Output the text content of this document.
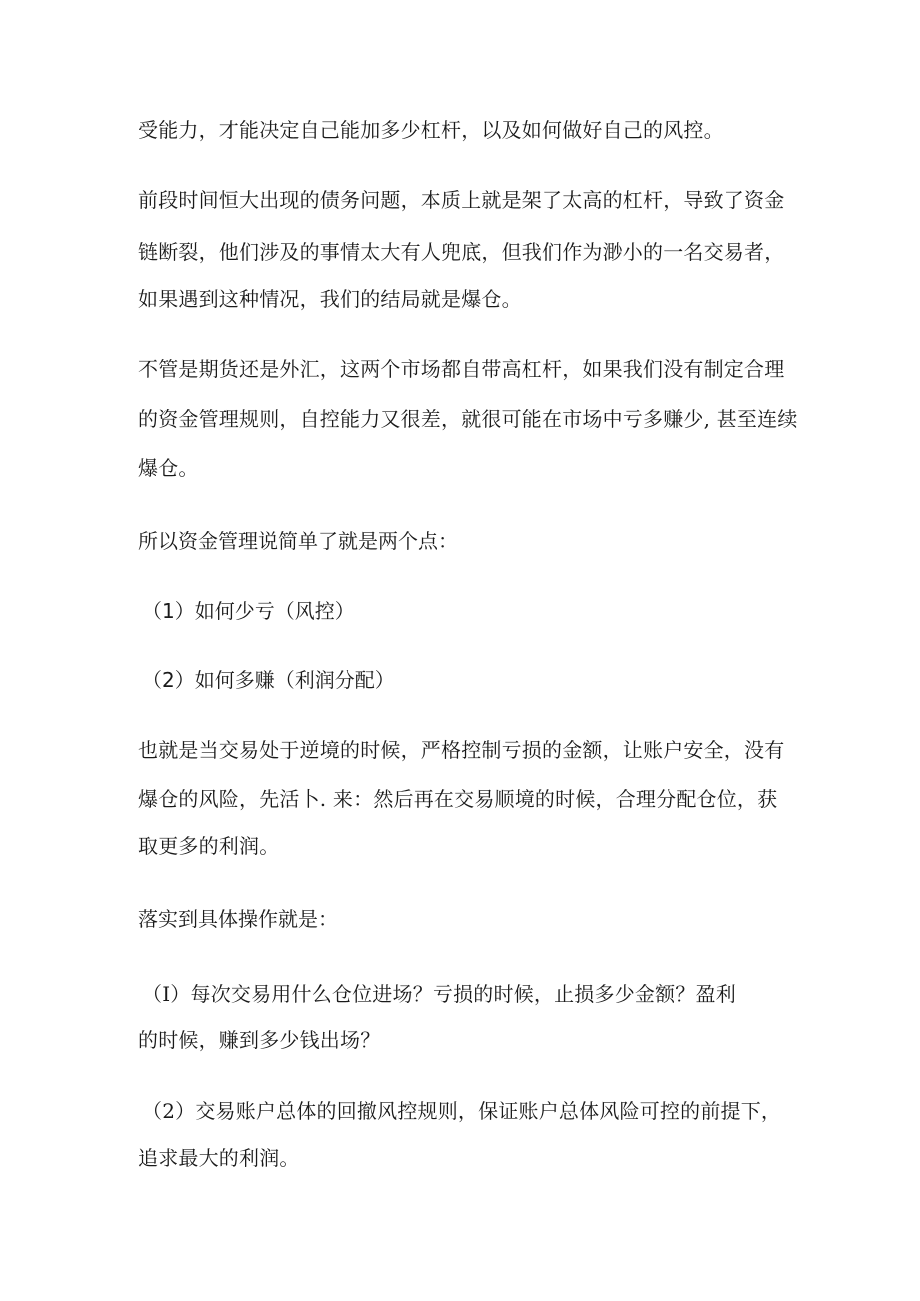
受能力，才能决定自己能加多少杠杆，以及如何做好自己的风控。
前段时间恒大出现的债务问题，本质上就是架了太高的杠杆，导致了资金
链断裂，他们涉及的事情太大有人兜底，但我们作为渺小的一名交易者，
如果遇到这种情况，我们的结局就是爆仓。
不管是期货还是外汇，这两个市场都自带高杠杆，如果我们没有制定合理
的资金管理规则，自控能力又很差，就很可能在市场中亏多赚少, 甚至连续
爆仓。
所以资金管理说简单了就是两个点：
（1）如何少亏（风控）
（2）如何多赚（利润分配）
也就是当交易处于逆境的时候，严格控制亏损的金额，让账户安全，没有
爆仓的风险，先活卜. 来：然后再在交易顺境的时候，合理分配仓位，获
取更多的利润。
落实到具体操作就是：
（I）每次交易用什么仓位进场？亏损的时候，止损多少金额？盈利
的时候，赚到多少钱出场？
（2）交易账户总体的回撤风控规则，保证账户总体风险可控的前提下，
追求最大的利润。
